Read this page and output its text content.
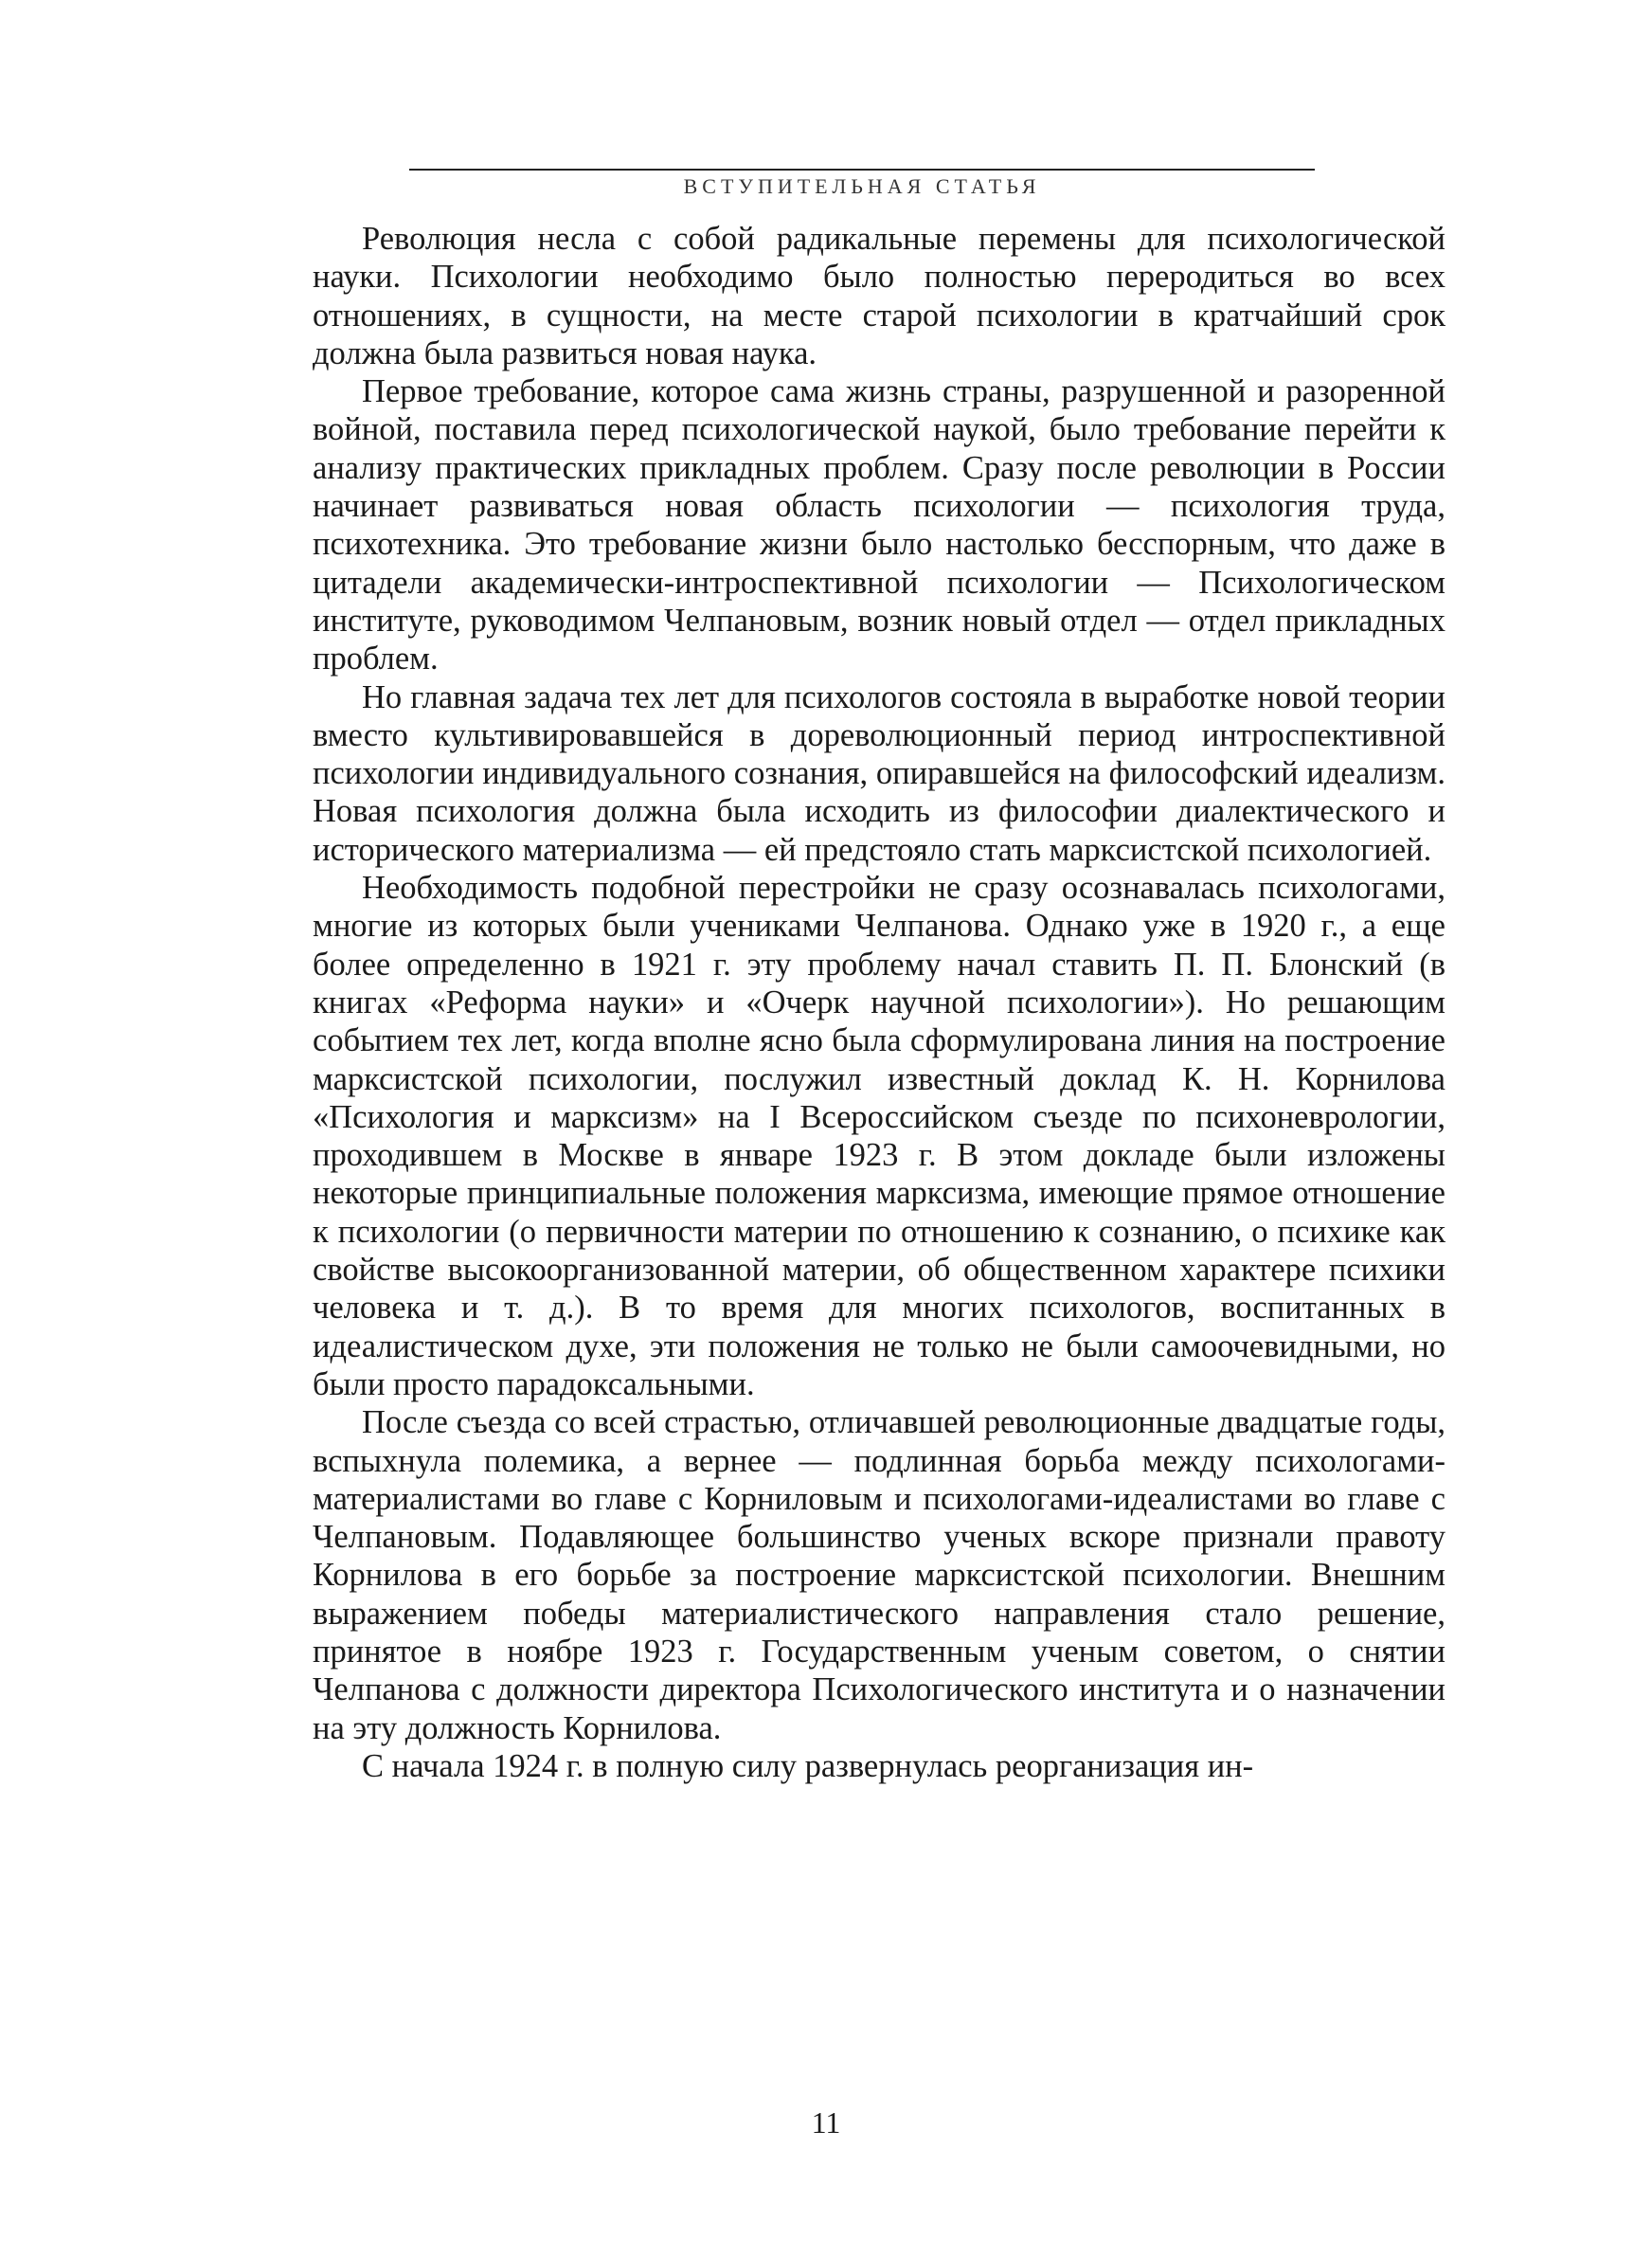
ВСТУПИТЕЛЬНАЯ СТАТЬЯ

Революция несла с собой радикальные перемены для психологической науки. Психологии необходимо было полностью переродиться во всех отношениях, в сущности, на месте старой психологии в кратчайший срок должна была развиться новая наука.

Первое требование, которое сама жизнь страны, разрушенной и разоренной войной, поставила перед психологической наукой, было требование перейти к анализу практических прикладных проблем. Сразу после революции в России начинает развиваться новая область психологии — психология труда, психотехника. Это требование жизни было настолько бесспорным, что даже в цитадели академически-интроспективной психологии — Психологическом институте, руководимом Челпановым, возник новый отдел — отдел прикладных проблем.

Но главная задача тех лет для психологов состояла в выработке новой теории вместо культивировавшейся в дореволюционный период интроспективной психологии индивидуального сознания, опиравшейся на философский идеализм. Новая психология должна была исходить из философии диалектического и исторического материализма — ей предстояло стать марксистской психологией.

Необходимость подобной перестройки не сразу осознавалась психологами, многие из которых были учениками Челпанова. Однако уже в 1920 г., а еще более определенно в 1921 г. эту проблему начал ставить П. П. Блонский (в книгах «Реформа науки» и «Очерк научной психологии»). Но решающим событием тех лет, когда вполне ясно была сформулирована линия на построение марксистской психологии, послужил известный доклад К. Н. Корнилова «Психология и марксизм» на I Всероссийском съезде по психоневрологии, проходившем в Москве в январе 1923 г. В этом докладе были изложены некоторые принципиальные положения марксизма, имеющие прямое отношение к психологии (о первичности материи по отношению к сознанию, о психике как свойстве высокоорганизованной материи, об общественном характере психики человека и т. д.). В то время для многих психологов, воспитанных в идеалистическом духе, эти положения не только не были самоочевидными, но были просто парадоксальными.

После съезда со всей страстью, отличавшей революционные двадцатые годы, вспыхнула полемика, а вернее — подлинная борьба между психологами-материалистами во главе с Корниловым и психологами-идеалистами во главе с Челпановым. Подавляющее большинство ученых вскоре признали правоту Корнилова в его борьбе за построение марксистской психологии. Внешним выражением победы материалистического направления стало решение, принятое в ноябре 1923 г. Государственным ученым советом, о снятии Челпанова с должности директора Психологического института и о назначении на эту должность Корнилова.

С начала 1924 г. в полную силу развернулась реорганизация ин-

11
